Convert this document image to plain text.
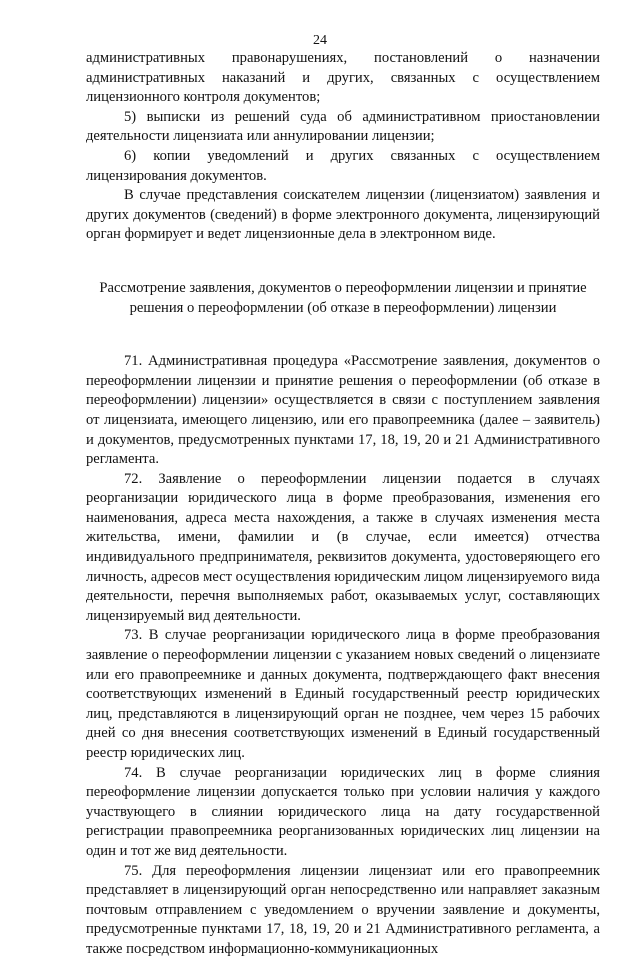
24

административных правонарушениях, постановлений о назначении административных наказаний и других, связанных с осуществлением лицензионного контроля документов;

5) выписки из решений суда об административном приостановлении деятельности лицензиата или аннулировании лицензии;

6) копии уведомлений и других связанных с осуществлением лицензирования документов.

В случае представления соискателем лицензии (лицензиатом) заявления и других документов (сведений) в форме электронного документа, лицензирующий орган формирует и ведет лицензионные дела в электронном виде.

Рассмотрение заявления, документов о переоформлении лицензии и принятие решения о переоформлении (об отказе в переоформлении) лицензии

71. Административная процедура «Рассмотрение заявления, документов о переоформлении лицензии и принятие решения о переоформлении (об отказе в переоформлении) лицензии» осуществляется в связи с поступлением заявления от лицензиата, имеющего лицензию, или его правопреемника (далее – заявитель) и документов, предусмотренных пунктами 17, 18, 19, 20 и 21 Административного регламента.

72. Заявление о переоформлении лицензии подается в случаях реорганизации юридического лица в форме преобразования, изменения его наименования, адреса места нахождения, а также в случаях изменения места жительства, имени, фамилии и (в случае, если имеется) отчества индивидуального предпринимателя, реквизитов документа, удостоверяющего его личность, адресов мест осуществления юридическим лицом лицензируемого вида деятельности, перечня выполняемых работ, оказываемых услуг, составляющих лицензируемый вид деятельности.

73. В случае реорганизации юридического лица в форме преобразования заявление о переоформлении лицензии с указанием новых сведений о лицензиате или его правопреемнике и данных документа, подтверждающего факт внесения соответствующих изменений в Единый государственный реестр юридических лиц, представляются в лицензирующий орган не позднее, чем через 15 рабочих дней со дня внесения соответствующих изменений в Единый государственный реестр юридических лиц.

74. В случае реорганизации юридических лиц в форме слияния переоформление лицензии допускается только при условии наличия у каждого участвующего в слиянии юридического лица на дату государственной регистрации правопреемника реорганизованных юридических лиц лицензии на один и тот же вид деятельности.

75. Для переоформления лицензии лицензиат или его правопреемник представляет в лицензирующий орган непосредственно или направляет заказным почтовым отправлением с уведомлением о вручении заявление и документы, предусмотренные пунктами 17, 18, 19, 20 и 21 Административного регламента, а также посредством информационно-коммуникационных
